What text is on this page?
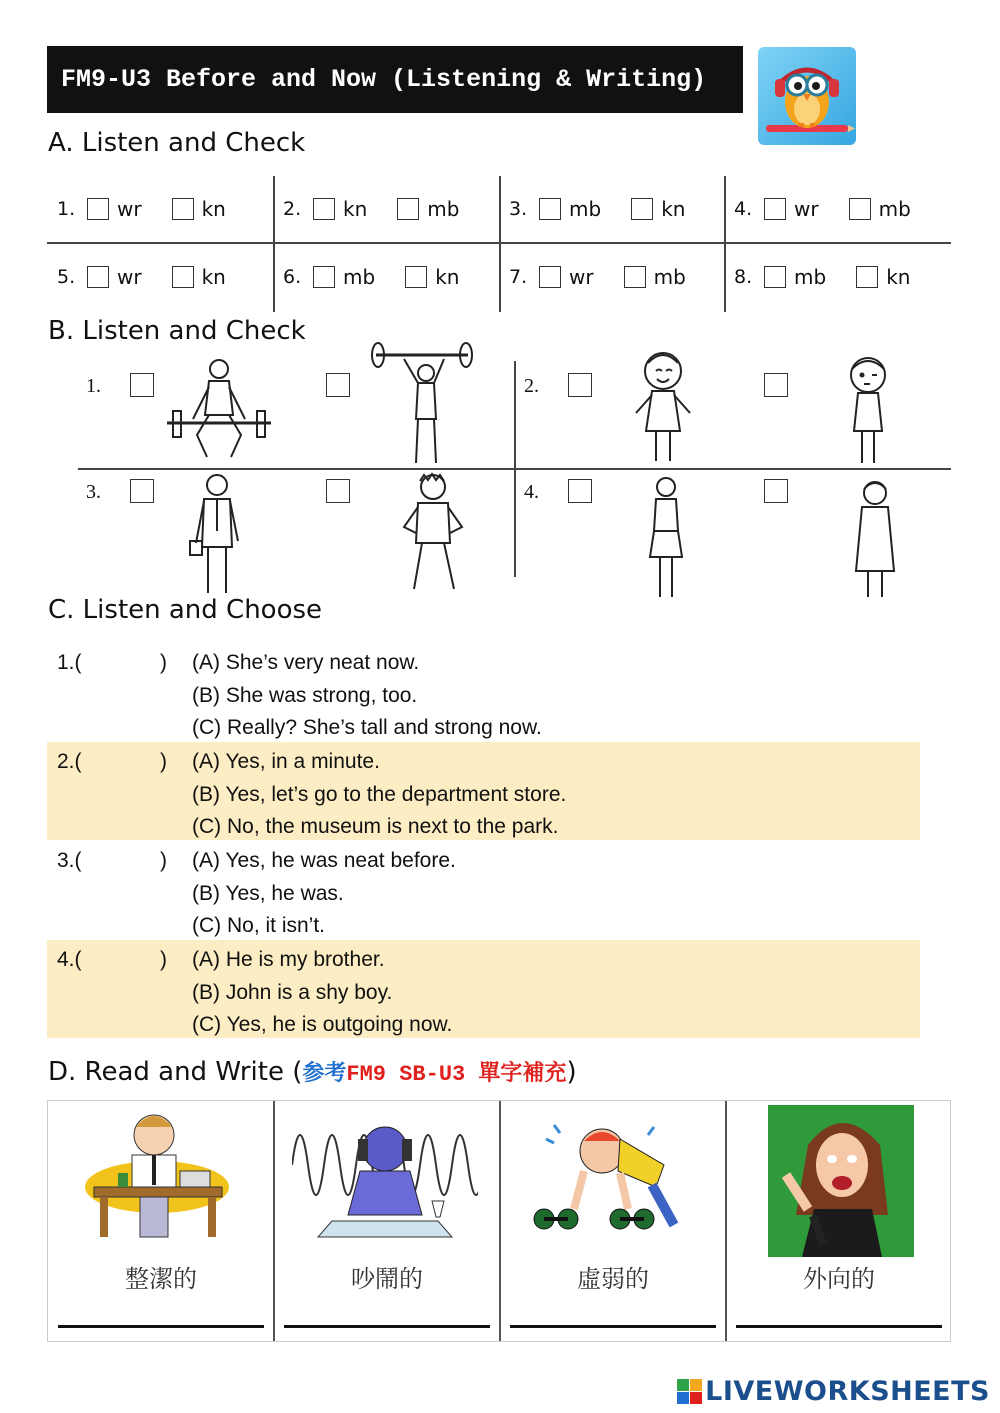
FM9-U3 Before and Now (Listening & Writing)
A. Listen and Check
1.	wr	kn	2.	kn	mb	3.	mb	kn	4.	wr	mb
5.	wr	kn	6.	mb	kn	7.	wr	mb	8.	mb	kn
B. Listen and Check
1.	2.
3.	4.
C. Listen and Choose
1.(	) (A) She’s very neat now.
(B) She was strong, too.
(C) Really? She’s tall and strong now.
2.(	) (A) Yes, in a minute.
(B) Yes, let’s go to the department store.
(C) No, the museum is next to the park.
3.(	) (A) Yes, he was neat before.
(B) Yes, he was.
(C) No, it isn’t.
4.(	) (A) He is my brother.
(B) John is a shy boy.
(C) Yes, he is outgoing now.
D. Read and Write (参考FM9 SB-U3 單字補充)
整潔的	吵鬧的	虛弱的	外向的
LIVEWORKSHEETS
